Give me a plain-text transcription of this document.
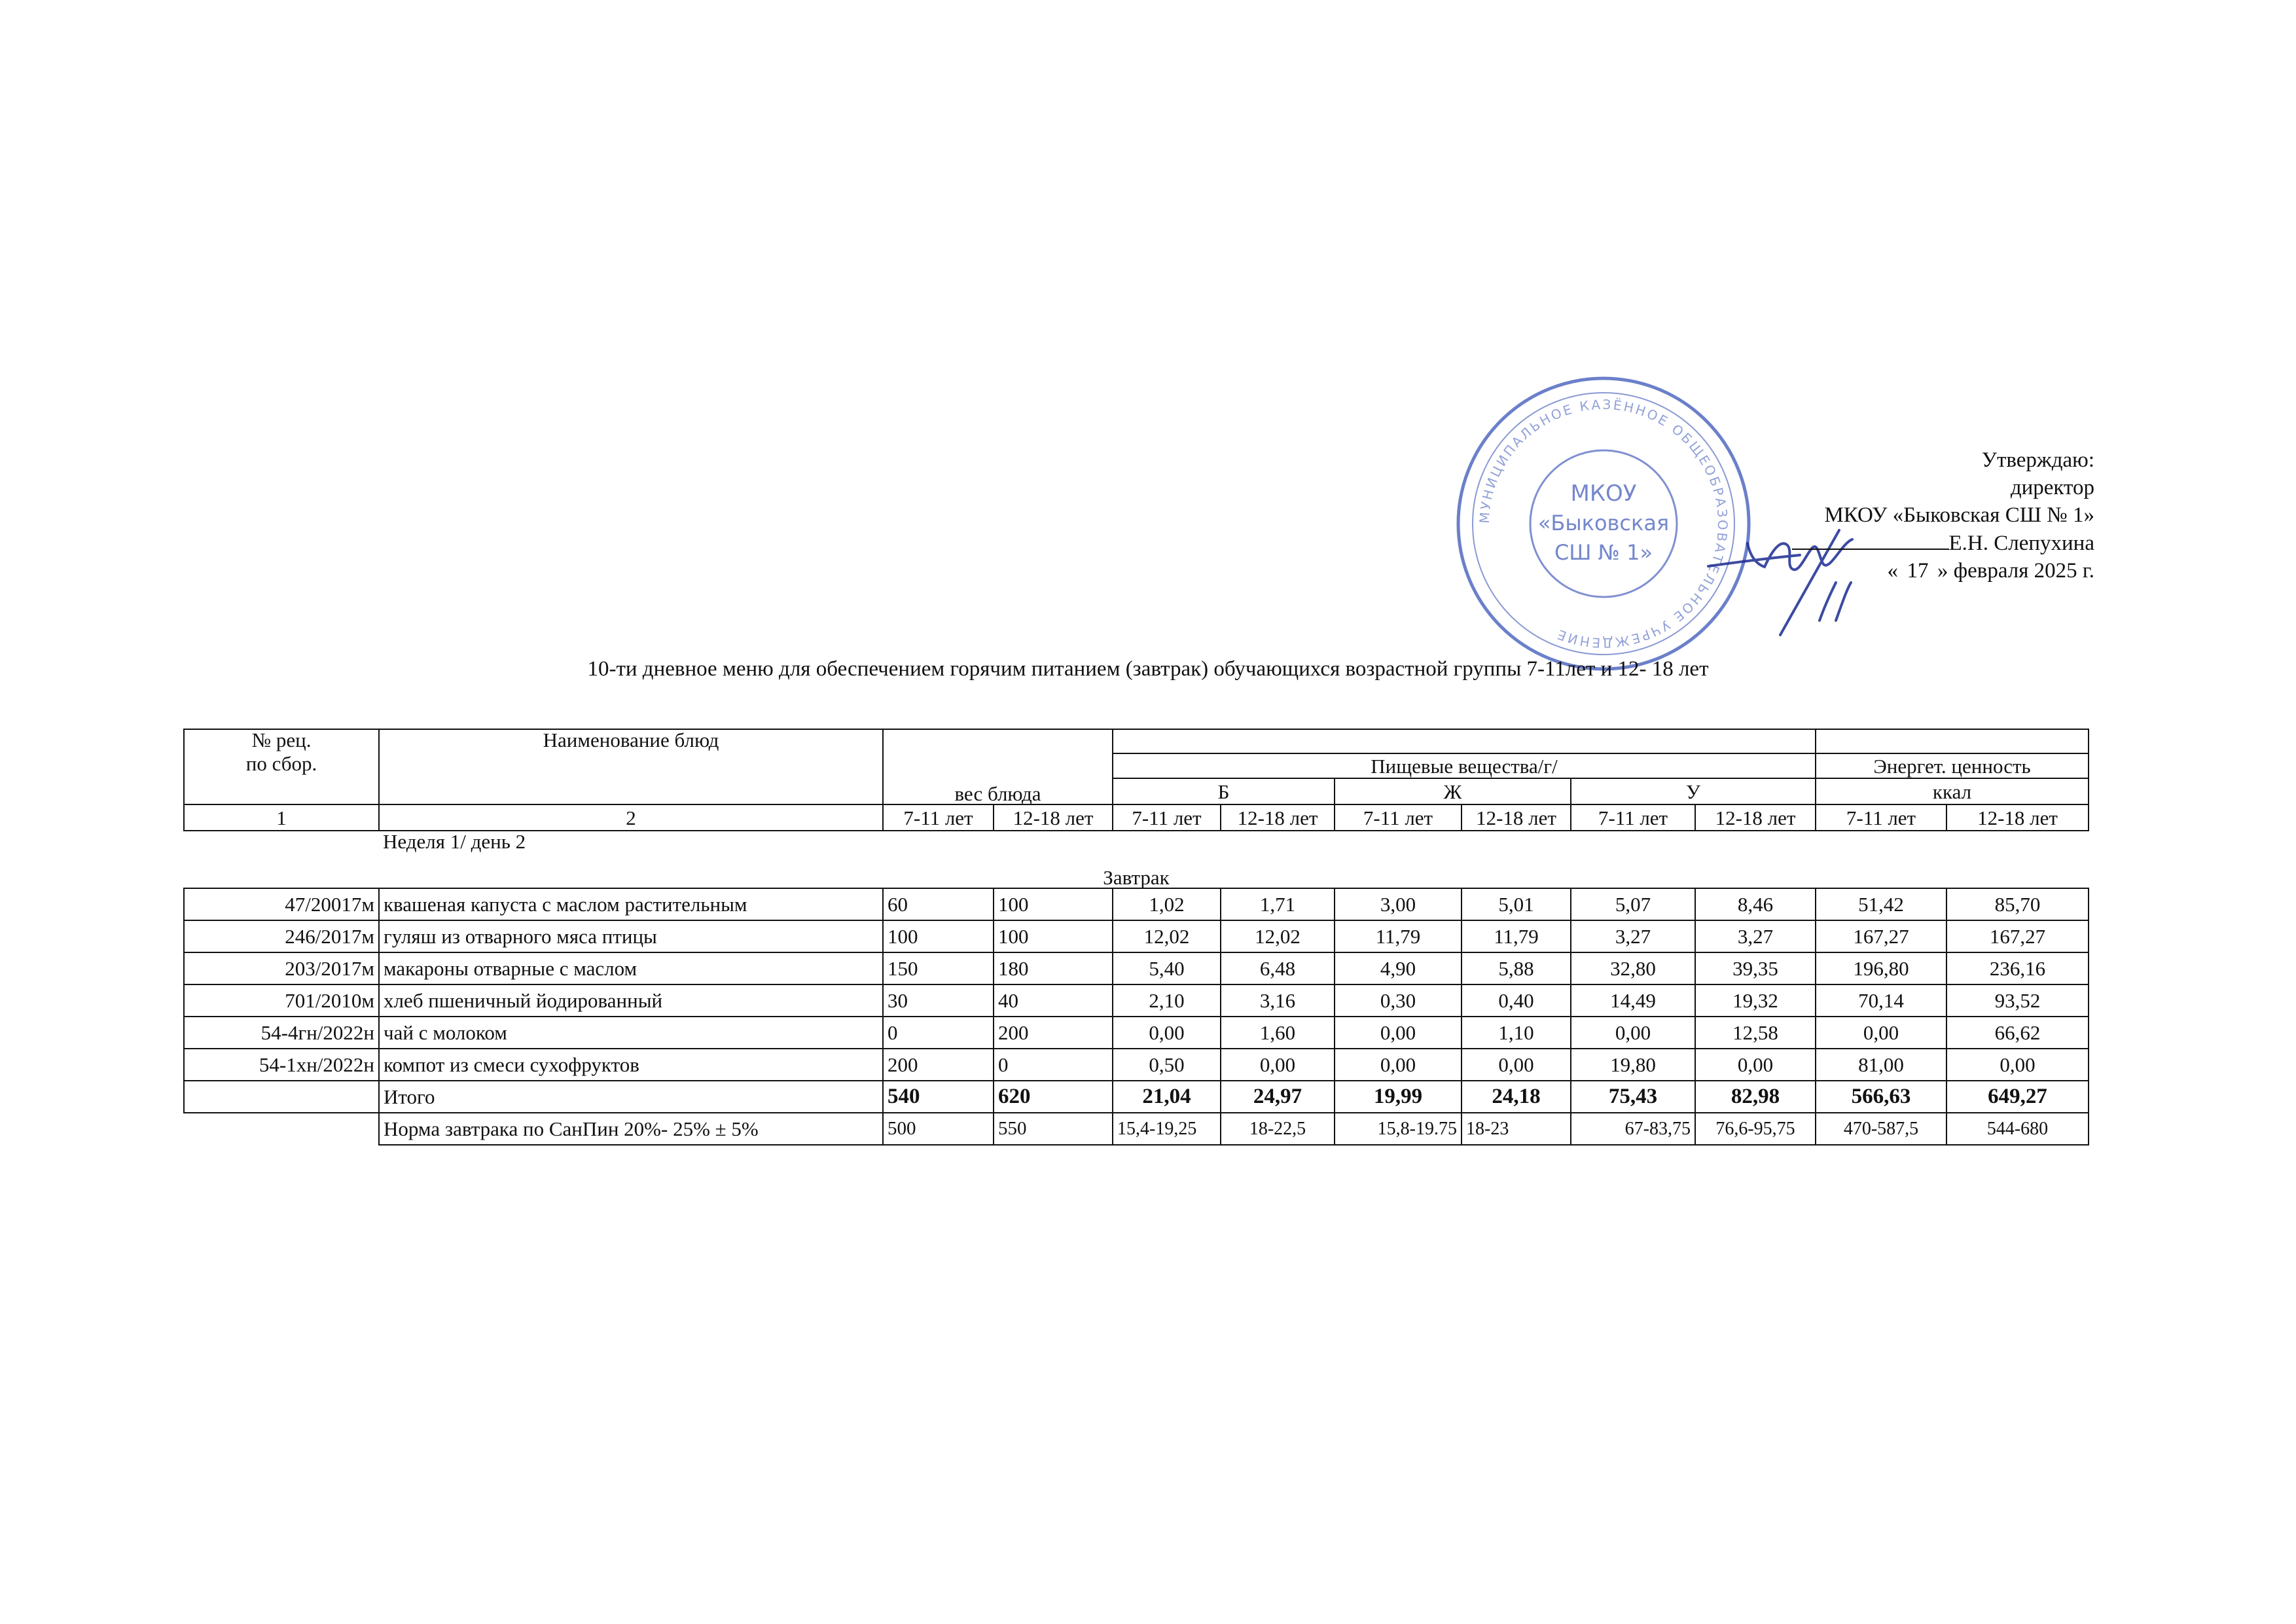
МУНИЦИПАЛЬНОЕ КАЗЁННОЕ ОБЩЕОБРАЗОВАТЕЛЬНОЕ УЧРЕЖДЕНИЕ
МКОУ
«Быковская
СШ № 1»
Утверждаю:
директор
МКОУ «Быковская СШ № 1»
Е.Н. Слепухина
« 17 » февраля 2025 г.
10-ти дневное меню для обеспечением горячим питанием (завтрак) обучающихся возрастной группы 7-11лет и 12- 18 лет
№ рец.	Наименование блюд										
по сбор.		вес блюда		Пищевые вещества/г/						Энергет. ценность	
				Б		Ж		У		ккал	
1	2	7-11 лет	12-18 лет	7-11 лет	12-18 лет	7-11 лет	12-18 лет	7-11 лет	12-18 лет	7-11 лет	12-18 лет
	Неделя 1/ день 2										
Завтрак											
47/20017м	квашеная капуста с маслом растительным	60	100	1,02	1,71	3,00	5,01	5,07	8,46	51,42	85,70
246/2017м	гуляш из отварного мяса птицы	100	100	12,02	12,02	11,79	11,79	3,27	3,27	167,27	167,27
203/2017м	макароны отварные с маслом	150	180	5,40	6,48	4,90	5,88	32,80	39,35	196,80	236,16
701/2010м	хлеб пшеничный йодированный	30	40	2,10	3,16	0,30	0,40	14,49	19,32	70,14	93,52
54-4гн/2022н	чай с молоком	0	200	0,00	1,60	0,00	1,10	0,00	12,58	0,00	66,62
54-1хн/2022н	компот из смеси сухофруктов	200	0	0,50	0,00	0,00	0,00	19,80	0,00	81,00	0,00
	Итого	540	620	21,04	24,97	19,99	24,18	75,43	82,98	566,63	649,27
	Норма завтрака по СанПин 20%- 25% ± 5%	500	550	15,4-19,25	18-22,5	15,8-19.75	18-23	67-83,75	76,6-95,75	470-587,5	544-680
